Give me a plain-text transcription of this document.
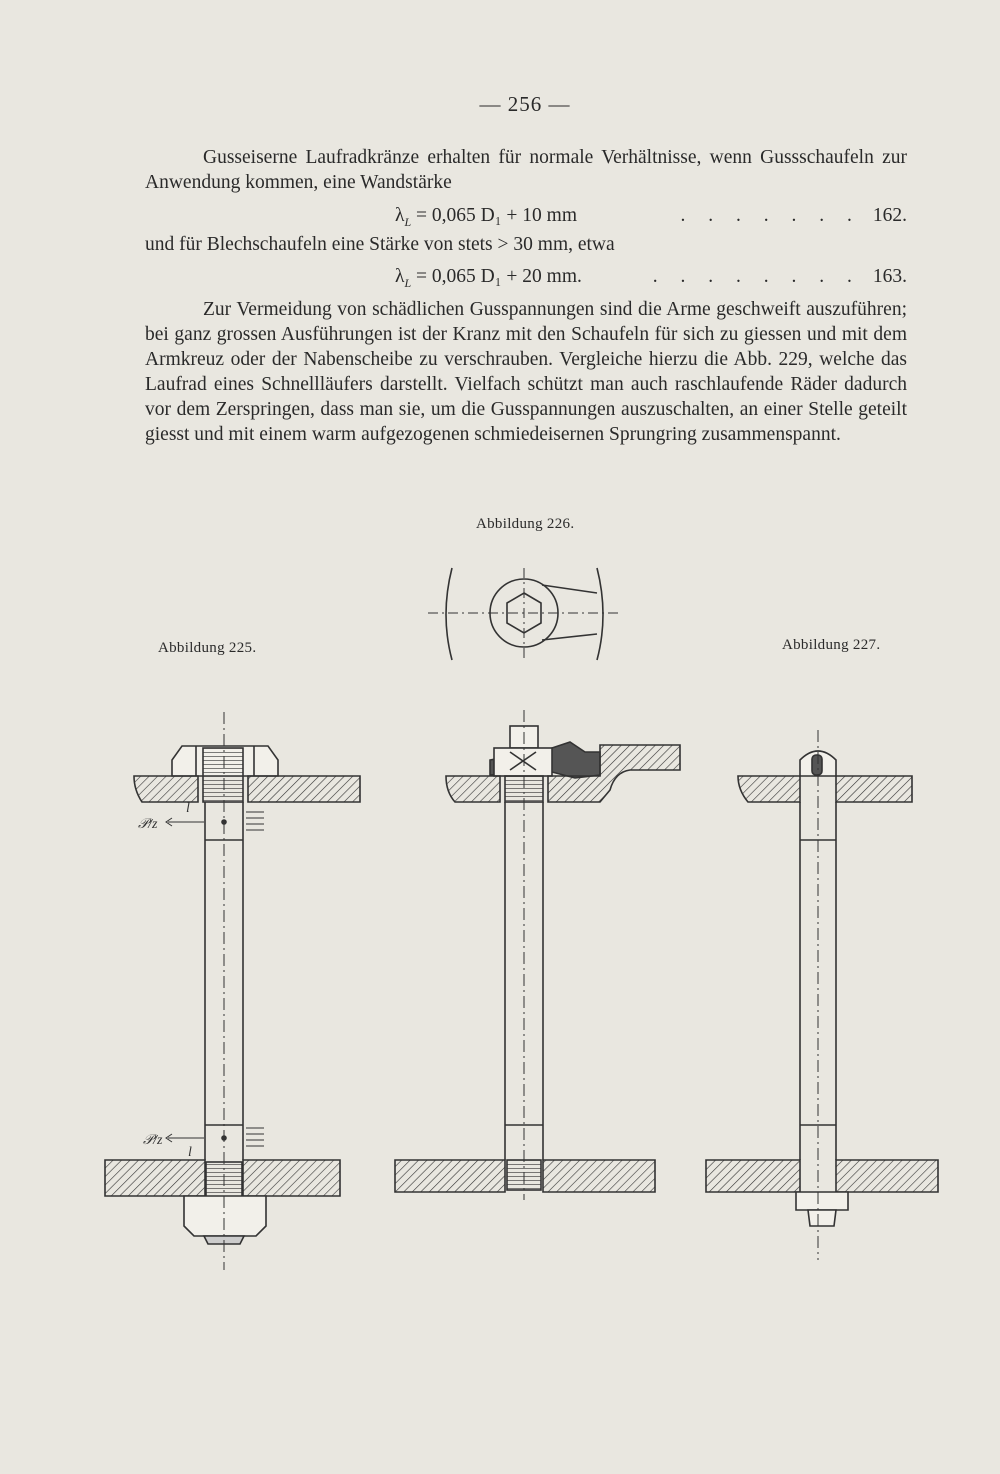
— 256 —
Gusseiserne Laufradkränze erhalten für normale Verhältnisse, wenn Gussschaufeln zur Anwendung kommen, eine Wandstärke
$\lambda_L = 0,065$ D₁ + 10 mm	. . . . . . . 162.
und für Blechschaufeln eine Stärke von stets > 30 mm, etwa
$\lambda_L = 0,065$ D₁ + 20 mm.	. . . . . . . . 163.
Zur Vermeidung von schädlichen Gusspannungen sind die Arme geschweift auszuführen; bei ganz grossen Ausführungen ist der Kranz mit den Schaufeln für sich zu giessen und mit dem Armkreuz oder der Nabenscheibe zu verschrauben. Vergleiche hierzu die Abb. 229, welche das Laufrad eines Schnellläufers darstellt. Vielfach schützt man auch raschlaufende Räder dadurch vor dem Zerspringen, dass man sie, um die Gusspannungen auszuschalten, an einer Stelle geteilt giesst und mit einem warm aufgezogenen schmiedeisernen Sprungring zusammenspannt.
Abbildung 226.
Abbildung 225.	Abbildung 227.
𝒫/z
l
𝒫/z
l
